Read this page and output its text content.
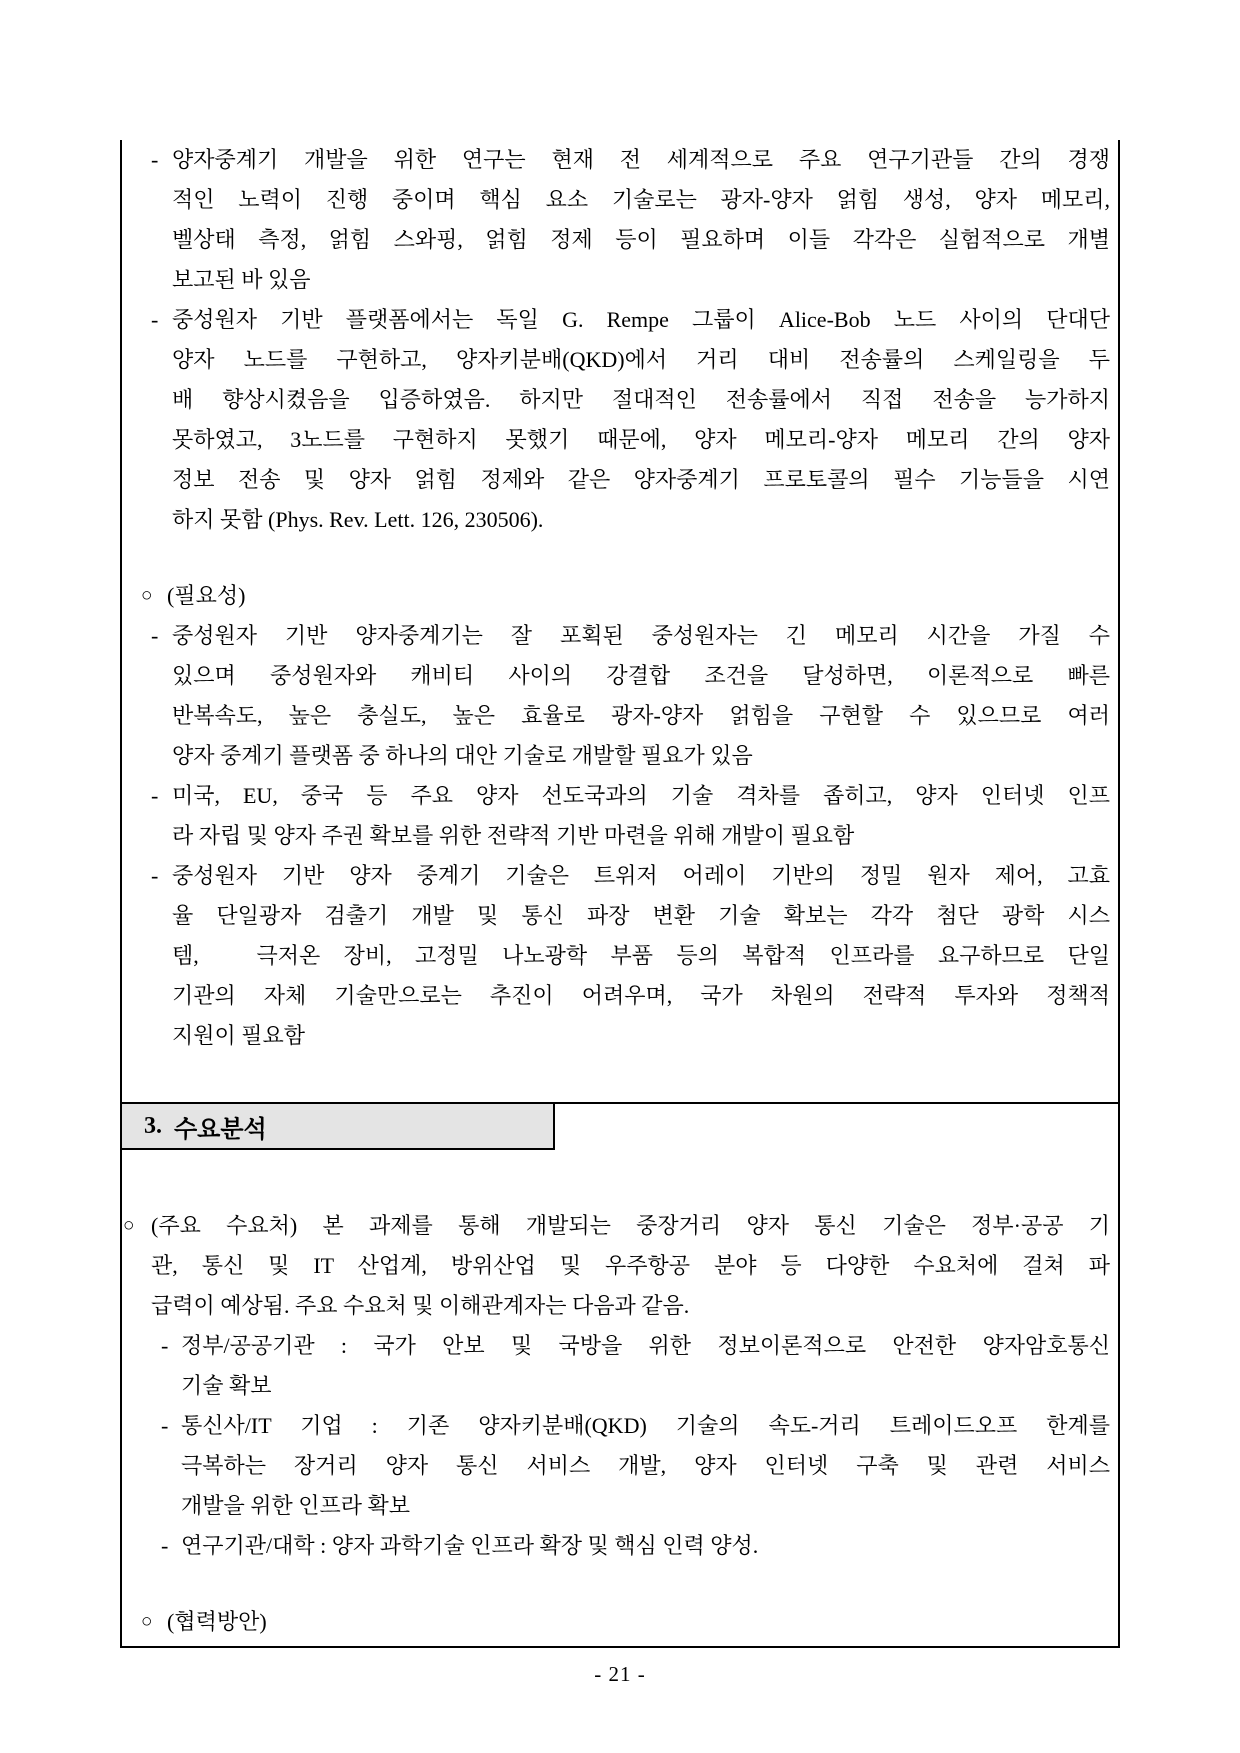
- 양자중계기 개발을 위한 연구는 현재 전 세계적으로 주요 연구기관들 간의 경쟁
적인 노력이 진행 중이며 핵심 요소 기술로는 광자-양자 얽힘 생성, 양자 메모리,
벨상태 측정, 얽힘 스와핑, 얽힘 정제 등이 필요하며 이들 각각은 실험적으로 개별
보고된 바 있음
- 중성원자 기반 플랫폼에서는 독일 G. Rempe 그룹이 Alice-Bob 노드 사이의 단대단
양자 노드를 구현하고, 양자키분배(QKD)에서 거리 대비 전송률의 스케일링을 두
배 향상시켰음을 입증하였음. 하지만 절대적인 전송률에서 직접 전송을 능가하지
못하였고, 3노드를 구현하지 못했기 때문에, 양자 메모리-양자 메모리 간의 양자
정보 전송 및 양자 얽힘 정제와 같은 양자중계기 프로토콜의 필수 기능들을 시연
하지 못함 (Phys. Rev. Lett. 126, 230506).
○ (필요성)
- 중성원자 기반 양자중계기는 잘 포획된 중성원자는 긴 메모리 시간을 가질 수
있으며 중성원자와 캐비티 사이의 강결합 조건을 달성하면, 이론적으로 빠른
반복속도, 높은 충실도, 높은 효율로 광자-양자 얽힘을 구현할 수 있으므로 여러
양자 중계기 플랫폼 중 하나의 대안 기술로 개발할 필요가 있음
- 미국, EU, 중국 등 주요 양자 선도국과의 기술 격차를 좁히고, 양자 인터넷 인프
라 자립 및 양자 주권 확보를 위한 전략적 기반 마련을 위해 개발이 필요함
- 중성원자 기반 양자 중계기 기술은 트위저 어레이 기반의 정밀 원자 제어, 고효
율 단일광자 검출기 개발 및 통신 파장 변환 기술 확보는 각각 첨단 광학 시스
템,　극저온 장비, 고정밀 나노광학 부품 등의 복합적 인프라를 요구하므로 단일
기관의 자체 기술만으로는 추진이 어려우며, 국가 차원의 전략적 투자와 정책적
지원이 필요함
3. 수요분석
○ (주요 수요처) 본 과제를 통해 개발되는 중장거리 양자 통신 기술은 정부·공공 기
관, 통신 및 IT 산업계, 방위산업 및 우주항공 분야 등 다양한 수요처에 걸쳐 파
급력이 예상됨. 주요 수요처 및 이해관계자는 다음과 같음.
- 정부/공공기관 : 국가 안보 및 국방을 위한 정보이론적으로 안전한 양자암호통신
기술 확보
- 통신사/IT 기업 : 기존 양자키분배(QKD) 기술의 속도-거리 트레이드오프 한계를
극복하는 장거리 양자 통신 서비스 개발, 양자 인터넷 구축 및 관련 서비스
개발을 위한 인프라 확보
- 연구기관/대학 : 양자 과학기술 인프라 확장 및 핵심 인력 양성.
○ (협력방안)
- 21 -
